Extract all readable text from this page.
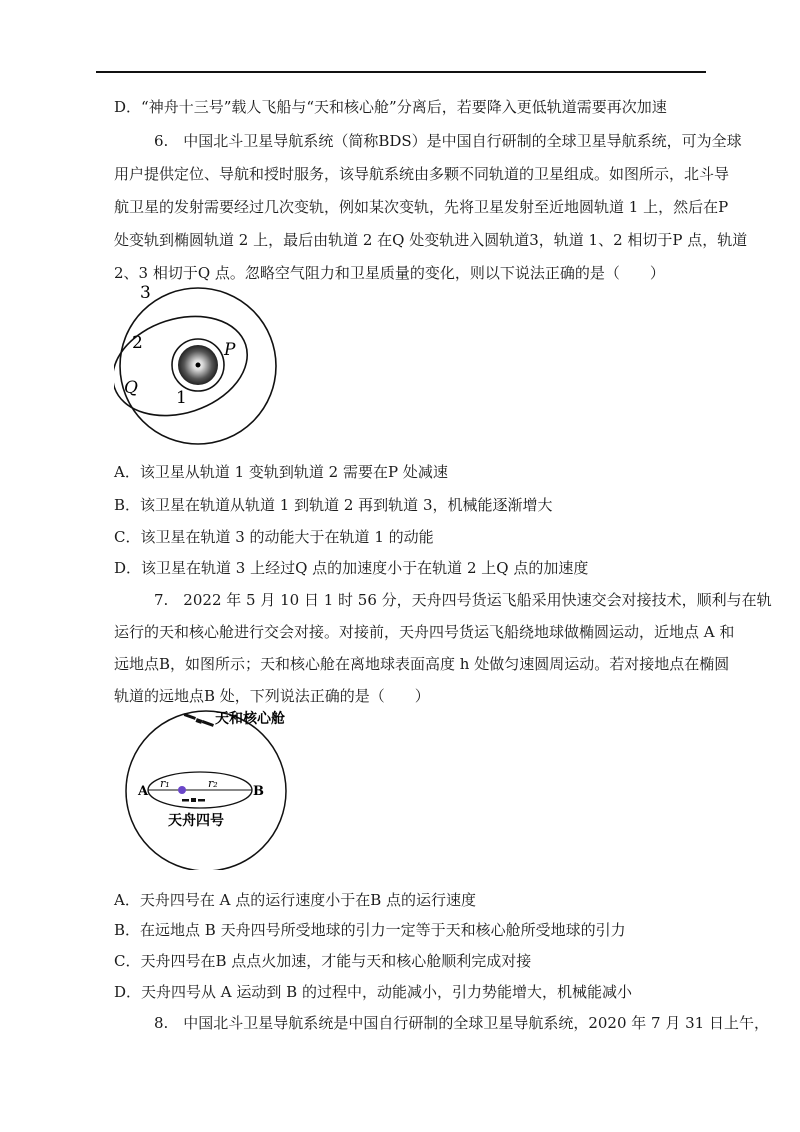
D．“神舟十三号”载人飞船与“天和核心舱”分离后，若要降入更低轨道需要再次加速
6.　中国北斗卫星导航系统（简称BDS）是中国自行研制的全球卫星导航系统，可为全球
用户提供定位、导航和授时服务，该导航系统由多颗不同轨道的卫星组成。如图所示，北斗导
航卫星的发射需要经过几次变轨，例如某次变轨，先将卫星发射至近地圆轨道 1 上，然后在P
处变轨到椭圆轨道 2 上，最后由轨道 2 在Q 处变轨进入圆轨道3，轨道 1、2 相切于P 点，轨道
2、3 相切于Q 点。忽略空气阻力和卫星质量的变化，则以下说法正确的是（　　）
3
2	P
Q 1
A．该卫星从轨道 1 变轨到轨道 2 需要在P 处减速
B．该卫星在轨道从轨道 1 到轨道 2 再到轨道 3，机械能逐渐增大
C．该卫星在轨道 3 的动能大于在轨道 1 的动能
D．该卫星在轨道 3 上经过Q 点的加速度小于在轨道 2 上Q 点的加速度
7.　2022 年 5 月 10 日 1 时 56 分，天舟四号货运飞船采用快速交会对接技术，顺利与在轨
运行的天和核心舱进行交会对接。对接前，天舟四号货运飞船绕地球做椭圆运动，近地点 A 和
远地点B，如图所示；天和核心舱在离地球表面高度 h 处做匀速圆周运动。若对接地点在椭圆
轨道的远地点B 处，下列说法正确的是（　　）
天和核心舱
A	B
r₁	r₂
天舟四号
A．天舟四号在 A 点的运行速度小于在B 点的运行速度
B．在远地点 B 天舟四号所受地球的引力一定等于天和核心舱所受地球的引力
C．天舟四号在B 点点火加速，才能与天和核心舱顺利完成对接
D．天舟四号从 A 运动到 B 的过程中，动能减小，引力势能增大，机械能减小
8.　中国北斗卫星导航系统是中国自行研制的全球卫星导航系统，2020 年 7 月 31 日上午，
